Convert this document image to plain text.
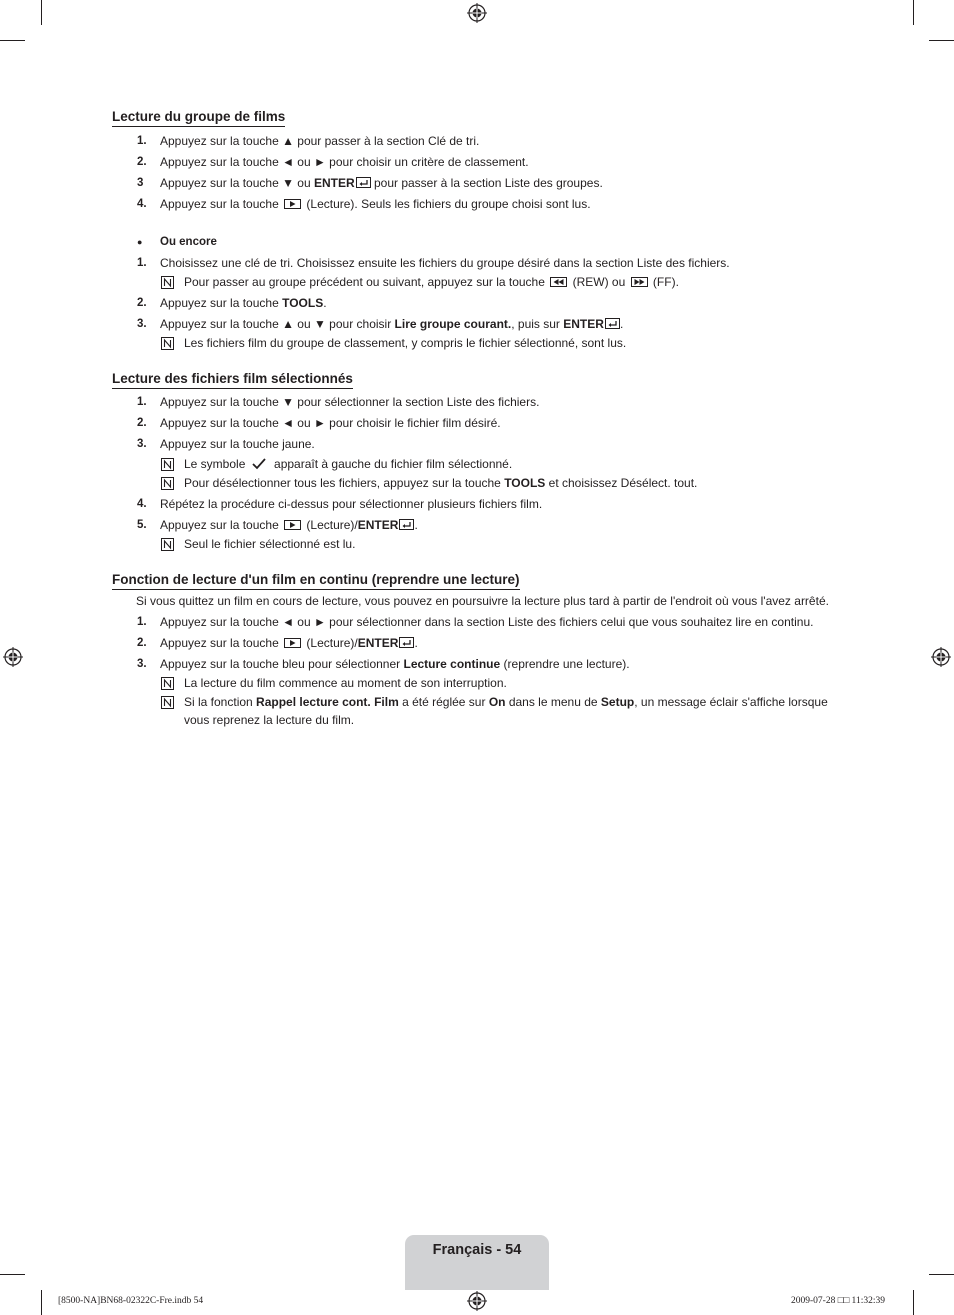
Lecture du groupe de films
1. Appuyez sur la touche ▲ pour passer à la section Clé de tri.
2. Appuyez sur la touche ◄ ou ► pour choisir un critère de classement.
3 Appuyez sur la touche ▼ ou ENTER pour passer à la section Liste des groupes.
4. Appuyez sur la touche
(Lecture). Seuls les fichiers du groupe choisi sont lus.
● Ou encore
1. Choisissez une clé de tri. Choisissez ensuite les fichiers du groupe désiré dans la section Liste des fichiers.
Pour passer au groupe précédent ou suivant, appuyez sur la touche
(REW) ou
(FF).
2. Appuyez sur la touche TOOLS.
3. Appuyez sur la touche ▲ ou ▼ pour choisir Lire groupe courant., puis sur ENTER .
Les fichiers film du groupe de classement, y compris le fichier sélectionné, sont lus.
Lecture des fichiers film sélectionnés
1. Appuyez sur la touche ▼ pour sélectionner la section Liste des fichiers.
2. Appuyez sur la touche ◄ ou ► pour choisir le fichier film désiré.
3. Appuyez sur la touche jaune.
Le symbole  apparaît à gauche du fichier film sélectionné.
Pour désélectionner tous les fichiers, appuyez sur la touche TOOLS et choisissez Désélect. tout.
4. Répétez la procédure ci-dessus pour sélectionner plusieurs fichiers film.
5. Appuyez sur la touche
(Lecture)/ENTER .
Seul le fichier sélectionné est lu.
Fonction de lecture d'un film en continu (reprendre une lecture)
Si vous quittez un film en cours de lecture, vous pouvez en poursuivre la lecture plus tard à partir de l'endroit où vous l'avez arrêté.
1. Appuyez sur la touche ◄ ou ► pour sélectionner dans la section Liste des fichiers celui que vous souhaitez lire en continu.
2. Appuyez sur la touche
(Lecture)/ENTER .
3. Appuyez sur la touche bleu pour sélectionner Lecture continue (reprendre une lecture).
La lecture du film commence au moment de son interruption.
Si la fonction Rappel lecture cont. Film a été réglée sur On dans le menu de Setup, un message éclair s'affiche lorsque
vous reprenez la lecture du film.
Français - 54
[8500-NA]BN68-02322C-Fre.indb 54	2009-07-28 □□ 11:32:39
